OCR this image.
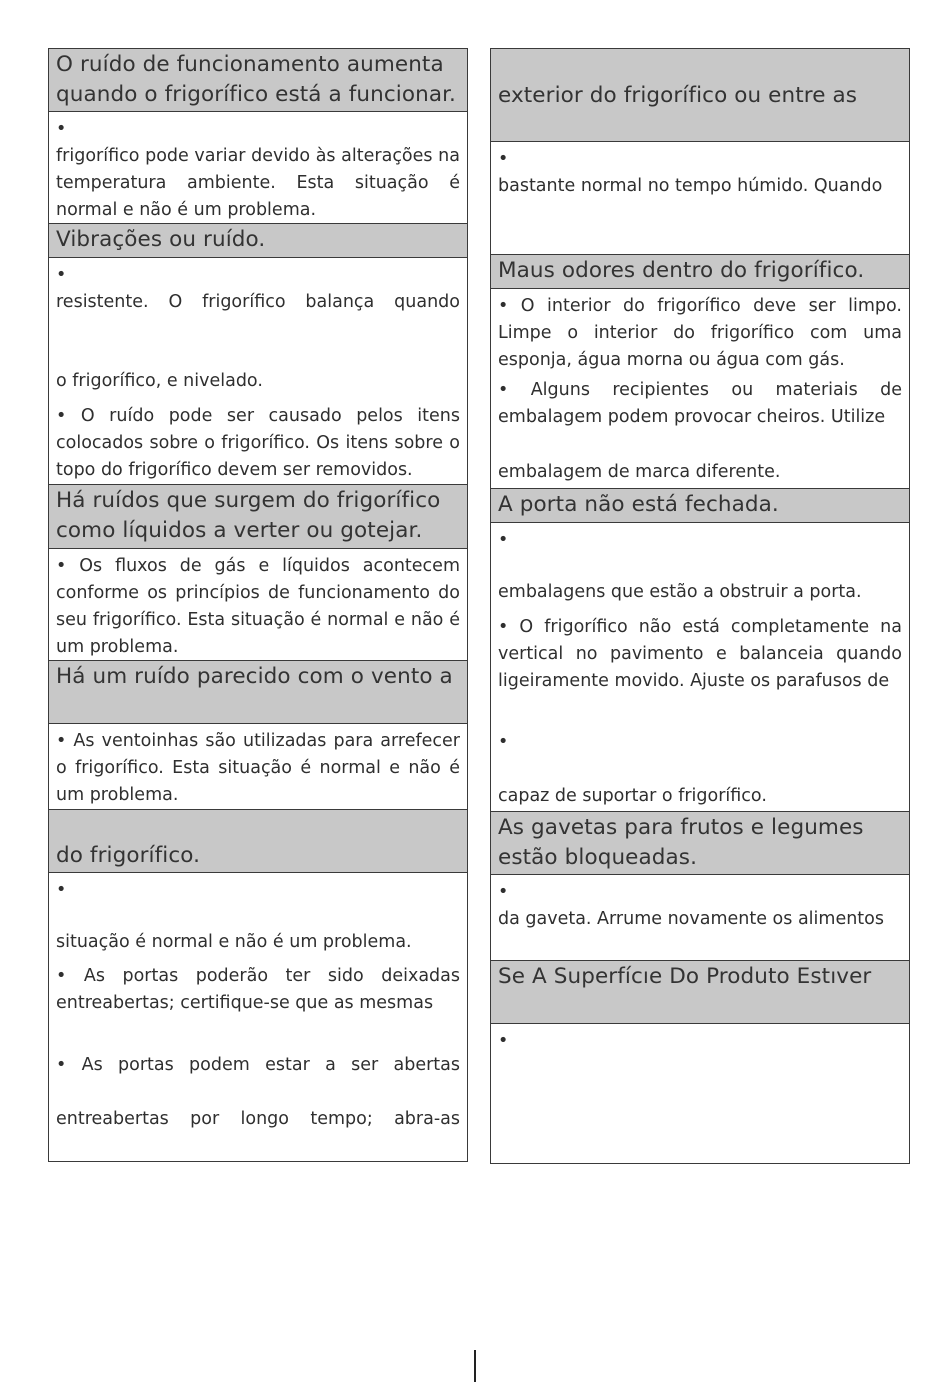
O ruído de funcionamento aumenta
quando o frigorífico está a funcionar.
•

frigorífico pode variar devido às alterações na temperatura ambiente. Esta situação é normal e não é um problema.

Vibrações ou ruído.
•
resistente. O frigorífico balança quando
o frigorífico, e nivelado.

• O ruído pode ser causado pelos itens colocados sobre o frigorífico. Os itens sobre o topo do frigorífico devem ser removidos.

Há ruídos que surgem do frigorífico
como líquidos a verter ou gotejar.

• Os fluxos de gás e líquidos acontecem conforme os princípios de funcionamento do seu frigorífico. Esta situação é normal e não é um problema.

Há um ruído parecido com o vento a

• As ventoinhas são utilizadas para arrefecer o frigorífico. Esta situação é normal e não é um problema.

do frigorífico.
•
situação é normal e não é um problema.

• As portas poderão ter sido deixadas entreabertas; certifique-se que as mesmas

• As portas podem estar a ser abertas
entreabertas por longo tempo; abra-as
exterior do frigorífico ou entre as
•
bastante normal no tempo húmido. Quando
Maus odores dentro do frigorífico.

• O interior do frigorífico deve ser limpo. Limpe o interior do frigorífico com uma esponja, água morna ou água com gás.

• Alguns recipientes ou materiais de embalagem podem provocar cheiros. Utilize

embalagem de marca diferente.
A porta não está fechada.
•
embalagens que estão a obstruir a porta.

• O frigorífico não está completamente na vertical no pavimento e balanceia quando ligeiramente movido. Ajuste os parafusos de

•
capaz de suportar o frigorífico.
As gavetas para frutos e legumes
estão bloqueadas.
•
da gaveta. Arrume novamente os alimentos
Se A Superfícıe Do Produto Estıver
•
